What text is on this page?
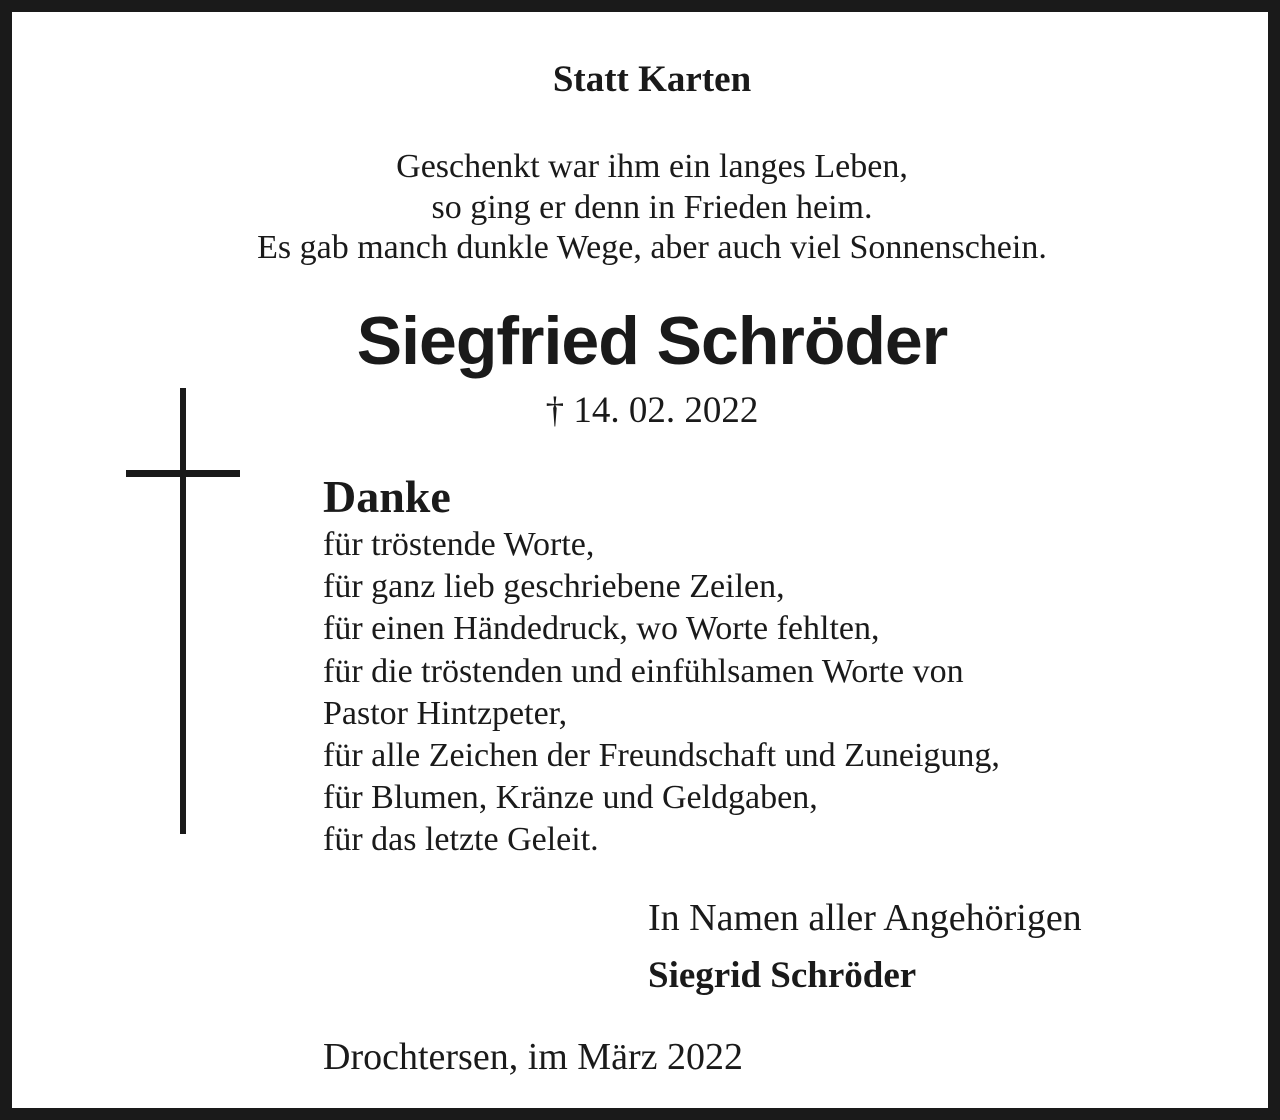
Statt Karten
Geschenkt war ihm ein langes Leben,
so ging er denn in Frieden heim.
Es gab manch dunkle Wege, aber auch viel Sonnenschein.
Siegfried Schröder
† 14. 02. 2022
Danke
für tröstende Worte,
für ganz lieb geschriebene Zeilen,
für einen Händedruck, wo Worte fehlten,
für die tröstenden und einfühlsamen Worte von
Pastor Hintzpeter,
für alle Zeichen der Freundschaft und Zuneigung,
für Blumen, Kränze und Geldgaben,
für das letzte Geleit.
In Namen aller Angehörigen
Siegrid Schröder
Drochtersen, im März 2022
